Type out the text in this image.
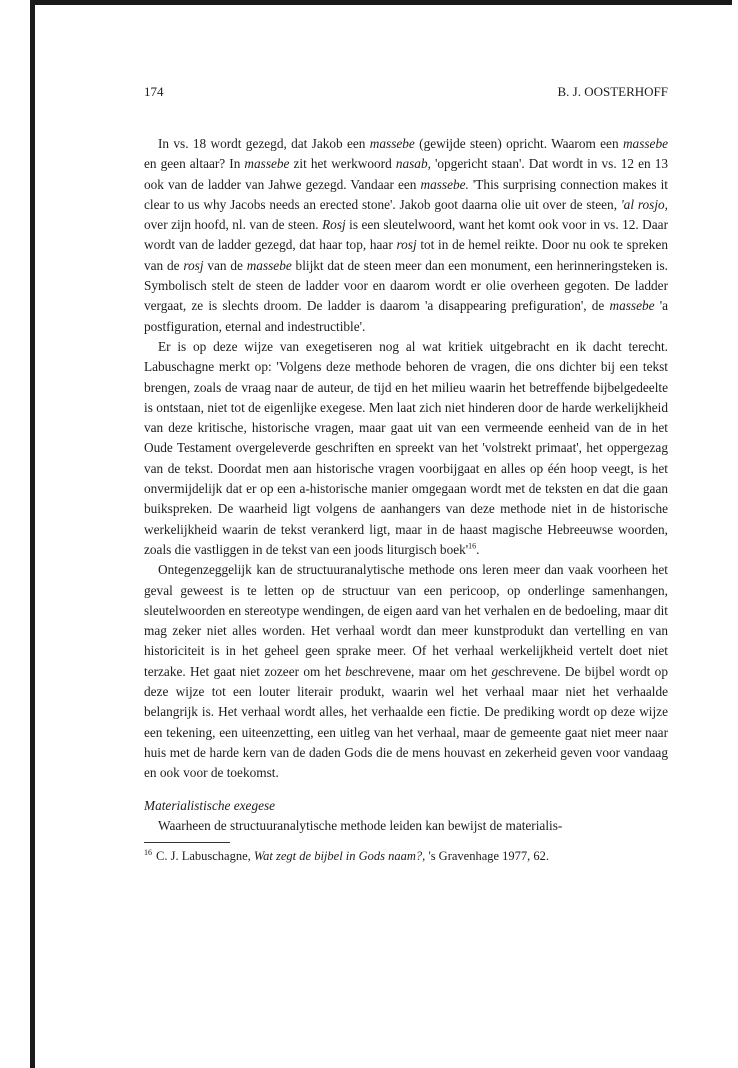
174	B. J. OOSTERHOFF

In vs. 18 wordt gezegd, dat Jakob een massebe (gewijde steen) opricht. Waarom een massebe en geen altaar? In massebe zit het werkwoord nasab, 'opgericht staan'. Dat wordt in vs. 12 en 13 ook van de ladder van Jahwe gezegd. Vandaar een massebe. 'This surprising connection makes it clear to us why Jacobs needs an erected stone'. Jakob goot daarna olie uit over de steen, 'al rosjo, over zijn hoofd, nl. van de steen. Rosj is een sleutelwoord, want het komt ook voor in vs. 12. Daar wordt van de ladder gezegd, dat haar top, haar rosj tot in de hemel reikte. Door nu ook te spreken van de rosj van de massebe blijkt dat de steen meer dan een monument, een herinneringsteken is. Symbolisch stelt de steen de ladder voor en daarom wordt er olie overheen gegoten. De ladder vergaat, ze is slechts droom. De ladder is daarom 'a disappearing prefiguration', de massebe 'a postfiguration, eternal and indestructible'.

Er is op deze wijze van exegetiseren nog al wat kritiek uitgebracht en ik dacht terecht. Labuschagne merkt op: 'Volgens deze methode behoren de vragen, die ons dichter bij een tekst brengen, zoals de vraag naar de auteur, de tijd en het milieu waarin het betreffende bijbelgedeelte is ontstaan, niet tot de eigenlijke exegese. Men laat zich niet hinderen door de harde werkelijkheid van deze kritische, historische vragen, maar gaat uit van een vermeende eenheid van de in het Oude Testament overgeleverde geschriften en spreekt van het 'volstrekt primaat', het oppergezag van de tekst. Doordat men aan historische vragen voorbijgaat en alles op één hoop veegt, is het onvermijdelijk dat er op een a-historische manier omgegaan wordt met de teksten en dat die gaan buikspreken. De waarheid ligt volgens de aanhangers van deze methode niet in de historische werkelijkheid waarin de tekst verankerd ligt, maar in de haast magische Hebreeuwse woorden, zoals die vastliggen in de tekst van een joods liturgisch $boek'^{16}$.

Ontegenzeggelijk kan de structuuranalytische methode ons leren meer dan vaak voorheen het geval geweest is te letten op de structuur van een pericoop, op onderlinge samenhangen, sleutelwoorden en stereotype wendingen, de eigen aard van het verhalen en de bedoeling, maar dit mag zeker niet alles worden. Het verhaal wordt dan meer kunstprodukt dan vertelling en van historiciteit is in het geheel geen sprake meer. Of het verhaal werkelijkheid vertelt doet niet terzake. Het gaat niet zozeer om het beschrevene, maar om het geschrevene. De bijbel wordt op deze wijze tot een louter literair produkt, waarin wel het verhaal maar niet het verhaalde belangrijk is. Het verhaal wordt alles, het verhaalde een fictie. De prediking wordt op deze wijze een tekening, een uiteenzetting, een uitleg van het verhaal, maar de gemeente gaat niet meer naar huis met de harde kern van de daden Gods die de mens houvast en zekerheid geven voor vandaag en ook voor de toekomst.

Materialistische exegese

Waarheen de structuuranalytische methode leiden kan bewijst de materialis-

$^{16}$ C. J. Labuschagne, Wat zegt de bijbel in Gods naam?, 's Gravenhage 1977, 62.
